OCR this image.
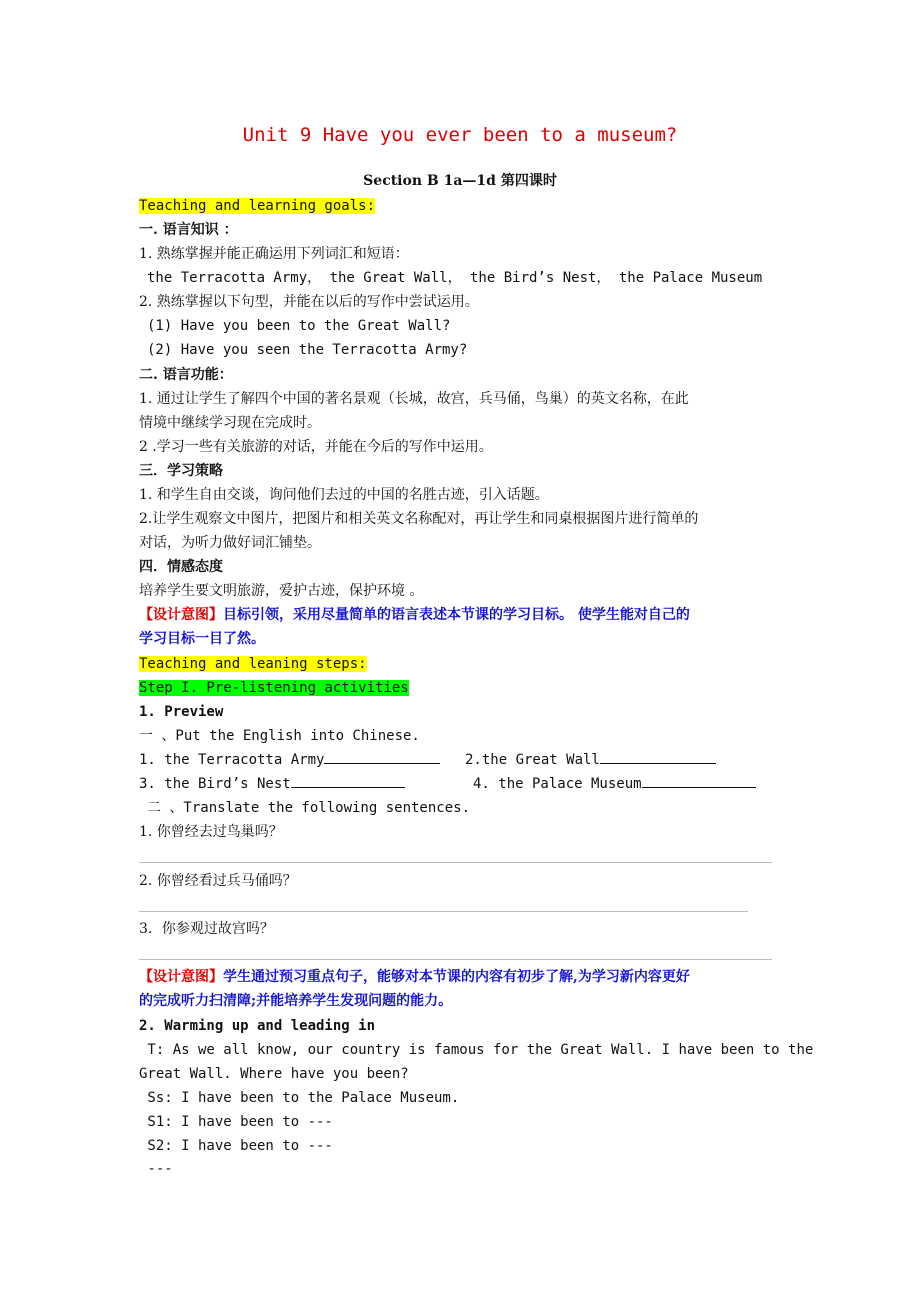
Unit 9 Have you ever been to a museum?
Section B 1a—1d 第四课时
Teaching and learning goals:
一. 语言知识 ：
1. 熟练掌握并能正确运用下列词汇和短语：
the Terracotta Army， the Great Wall， the Bird’s Nest， the Palace Museum
2. 熟练掌握以下句型，并能在以后的写作中尝试运用。
(1) Have you been to the Great Wall?
(2) Have you seen the Terracotta Army?
二. 语言功能：
1. 通过让学生了解四个中国的著名景观（长城，故宫，兵马俑，鸟巢）的英文名称，在此
情境中继续学习现在完成时。
2 .学习一些有关旅游的对话，并能在今后的写作中运用。
三．学习策略
1. 和学生自由交谈，询问他们去过的中国的名胜古迹，引入话题。
2.让学生观察文中图片，把图片和相关英文名称配对，再让学生和同桌根据图片进行简单的
对话，为听力做好词汇铺垫。
四．情感态度
培养学生要文明旅游，爱护古迹，保护环境 。
【设计意图】目标引领，采用尽量简单的语言表述本节课的学习目标。 使学生能对自己的
学习目标一目了然。
Teaching and leaning steps:
Step I. Pre-listening activities
1. Preview
一 、Put the English into Chinese.
1. the Terracotta Army	2.the Great Wall
3. the Bird’s Nest	4. the Palace Museum
二 、Translate the following sentences.
1. 你曾经去过鸟巢吗？
2. 你曾经看过兵马俑吗？
3．你参观过故宫吗？
【设计意图】学生通过预习重点句子，能够对本节课的内容有初步了解,为学习新内容更好
的完成听力扫清障;并能培养学生发现问题的能力。
2. Warming up and leading in
T: As we all know, our country is famous for the Great Wall. I have been to the
Great Wall. Where have you been?
Ss: I have been to the Palace Museum.
S1: I have been to ---
S2: I have been to ---
---
